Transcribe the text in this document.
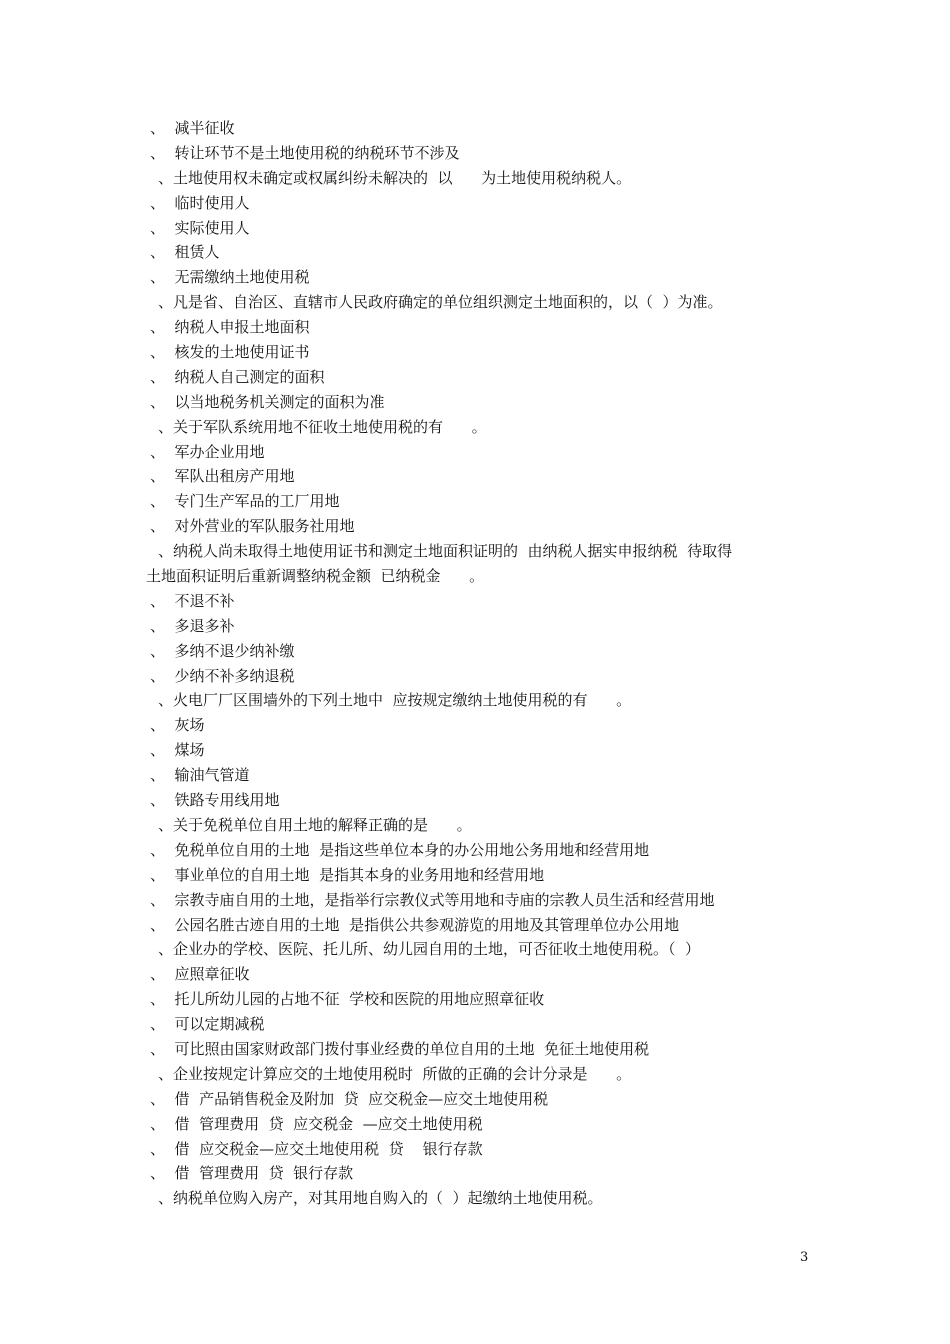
、  减半征收
、  转让环节不是土地使用税的纳税环节不涉及
、土地使用权未确定或权属纠纷未解决的  以      为土地使用税纳税人。
、  临时使用人
、  实际使用人
、  租赁人
、  无需缴纳土地使用税
、凡是省、自治区、直辖市人民政府确定的单位组织测定土地面积的，以（  ）为准。
、  纳税人申报土地面积
、  核发的土地使用证书
、  纳税人自己测定的面积
、  以当地税务机关测定的面积为准
、关于军队系统用地不征收土地使用税的有      。
、  军办企业用地
、  军队出租房产用地
、  专门生产军品的工厂用地
、  对外营业的军队服务社用地
、纳税人尚未取得土地使用证书和测定土地面积证明的  由纳税人据实申报纳税  待取得
土地面积证明后重新调整纳税金额  已纳税金      。
、  不退不补
、  多退多补
、  多纳不退少纳补缴
、  少纳不补多纳退税
、火电厂厂区围墙外的下列土地中  应按规定缴纳土地使用税的有      。
、  灰场
、  煤场
、  输油气管道
、  铁路专用线用地
、关于免税单位自用土地的解释正确的是      。
、  免税单位自用的土地  是指这些单位本身的办公用地公务用地和经营用地
、  事业单位的自用土地  是指其本身的业务用地和经营用地
、  宗教寺庙自用的土地，是指举行宗教仪式等用地和寺庙的宗教人员生活和经营用地
、  公园名胜古迹自用的土地  是指供公共参观游览的用地及其管理单位办公用地
、企业办的学校、医院、托儿所、幼儿园自用的土地，可否征收土地使用税。（  ）
、  应照章征收
、  托儿所幼儿园的占地不征  学校和医院的用地应照章征收
、  可以定期减税
、  可比照由国家财政部门拨付事业经费的单位自用的土地  免征土地使用税
、企业按规定计算应交的土地使用税时  所做的正确的会计分录是      。
、  借  产品销售税金及附加  贷  应交税金—应交土地使用税
、  借  管理费用  贷  应交税金  —应交土地使用税
、  借  应交税金—应交土地使用税  贷    银行存款
、  借  管理费用  贷  银行存款
、纳税单位购入房产，对其用地自购入的（  ）起缴纳土地使用税。
3
